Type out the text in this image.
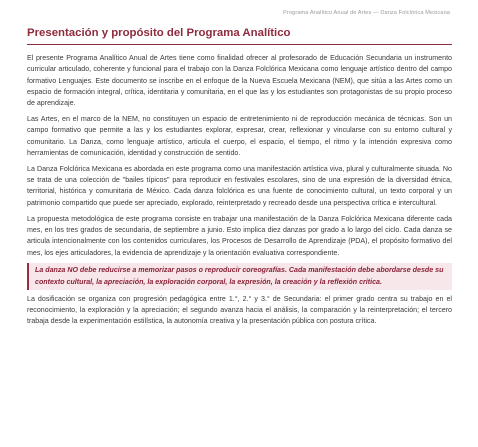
Programa Analítico Anual de Artes — Danza Folclórica Mexicana
Presentación y propósito del Programa Analítico

El presente Programa Analítico Anual de Artes tiene como finalidad ofrecer al profesorado de Educación Secundaria un instrumento curricular articulado, coherente y funcional para el trabajo con la Danza Folclórica Mexicana como lenguaje artístico dentro del campo formativo Lenguajes. Este documento se inscribe en el enfoque de la Nueva Escuela Mexicana (NEM), que sitúa a las Artes como un espacio de formación integral, crítica, identitaria y comunitaria, en el que las y los estudiantes son protagonistas de su propio proceso de aprendizaje.

Las Artes, en el marco de la NEM, no constituyen un espacio de entretenimiento ni de reproducción mecánica de técnicas. Son un campo formativo que permite a las y los estudiantes explorar, expresar, crear, reflexionar y vincularse con su entorno cultural y comunitario. La Danza, como lenguaje artístico, articula el cuerpo, el espacio, el tiempo, el ritmo y la intención expresiva como herramientas de comunicación, identidad y construcción de sentido.

La Danza Folclórica Mexicana es abordada en este programa como una manifestación artística viva, plural y culturalmente situada. No se trata de una colección de "bailes típicos" para reproducir en festivales escolares, sino de una expresión de la diversidad étnica, territorial, histórica y comunitaria de México. Cada danza folclórica es una fuente de conocimiento cultural, un texto corporal y un patrimonio compartido que puede ser apreciado, explorado, reinterpretado y recreado desde una perspectiva crítica e intercultural.

La propuesta metodológica de este programa consiste en trabajar una manifestación de la Danza Folclórica Mexicana diferente cada mes, en los tres grados de secundaria, de septiembre a junio. Esto implica diez danzas por grado a lo largo del ciclo. Cada danza se articula intencionalmente con los contenidos curriculares, los Procesos de Desarrollo de Aprendizaje (PDA), el propósito formativo del mes, los ejes articuladores, la evidencia de aprendizaje y la orientación evaluativa correspondiente.

La danza NO debe reducirse a memorizar pasos o reproducir coreografías. Cada manifestación debe abordarse desde su contexto cultural, la apreciación, la exploración corporal, la expresión, la creación y la reflexión crítica.

La dosificación se organiza con progresión pedagógica entre 1.°, 2.° y 3.° de Secundaria: el primer grado centra su trabajo en el reconocimiento, la exploración y la apreciación; el segundo avanza hacia el análisis, la comparación y la reinterpretación; el tercero trabaja desde la experimentación estilística, la autonomía creativa y la presentación pública con postura crítica.
